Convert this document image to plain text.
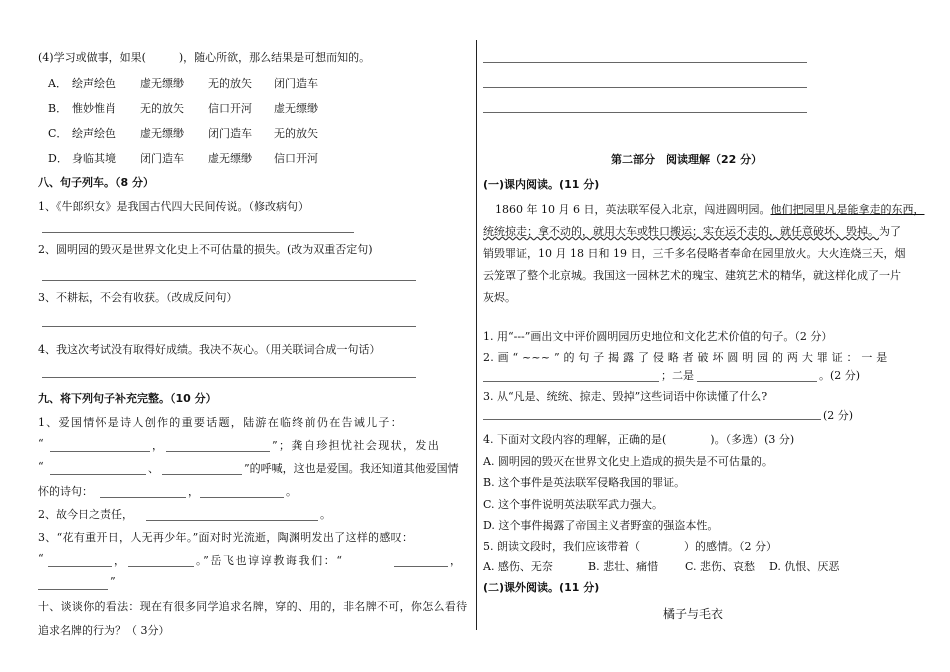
(4)学习或做事，如果(　　　)，随心所欲，那么结果是可想而知的。
A． 绘声绘色 虚无缥缈 无的放矢 闭门造车
B． 惟妙惟肖 无的放矢 信口开河 虚无缥缈
C． 绘声绘色 虚无缥缈 闭门造车 无的放矢
D． 身临其境 闭门造车 虚无缥缈 信口开河
八、句子列车。（8 分）
1、《牛郎织女》是我国古代四大民间传说。（修改病句）
2、圆明园的毁灭是世界文化史上不可估量的损失。(改为双重否定句)
3、不耕耘，不会有收获。（改成反问句）
4、我这次考试没有取得好成绩。我决不灰心。（用关联词合成一句话）
九、将下列句子补充完整。（10 分）
1、爱国情怀是诗人创作的重要话题，陆游在临终前仍在告诫儿子：
“	，	”；龚自珍担忧社会现状，发出
“	、	”的呼喊，这也是爱国。我还知道其他爱国情
怀的诗句：	，	。
2、故今日之责任，	。
3、“花有重开日，人无再少年。”面对时光流逝，陶渊明发出了这样的感叹：
“	，	。”岳飞也谆谆教诲我们：“	，
”
十、谈谈你的看法：现在有很多同学追求名牌，穿的、用的，非名牌不可，你怎么看待
追求名牌的行为？（ 3分）
第二部分　阅读理解（22 分）
(一)课内阅读。(11 分)
1860 年 10 月 6 日，英法联军侵入北京，闯进圆明园。他们把园里凡是能拿走的东西，
统统掠走；拿不动的，就用大车或牲口搬运；实在运不走的，就任意破坏、毁掉。为了
销毁罪证，10 月 18 日和 19 日，三千多名侵略者奉命在园里放火。大火连烧三天，烟
云笼罩了整个北京城。我国这一园林艺术的瑰宝、建筑艺术的精华，就这样化成了一片
灰烬。
1. 用“---”画出文中评价圆明园历史地位和文化艺术价值的句子。（2 分）
2. 画 “ ~~~ ” 的 句 子 揭 露 了 侵 略 者 破 坏 圆 明 园 的 两 大 罪 证 ： 一 是
；二是	。(2 分)
3. 从“凡是、统统、掠走、毁掉”这些词语中你读懂了什么?
(2 分)
4. 下面对文段内容的理解，正确的是(　　　　)。（多选）(3 分)
A. 圆明园的毁灭在世界文化史上造成的损失是不可估量的。
B. 这个事件是英法联军侵略我国的罪证。
C. 这个事件说明英法联军武力强大。
D. 这个事件揭露了帝国主义者野蛮的强盗本性。
5. 朗读文段时，我们应该带着（　　　　）的感情。（2 分）
A. 感伤、无奈	B. 悲壮、痛惜 C. 悲伤、哀愁 D. 仇恨、厌恶
(二)课外阅读。(11 分)
橘子与毛衣
